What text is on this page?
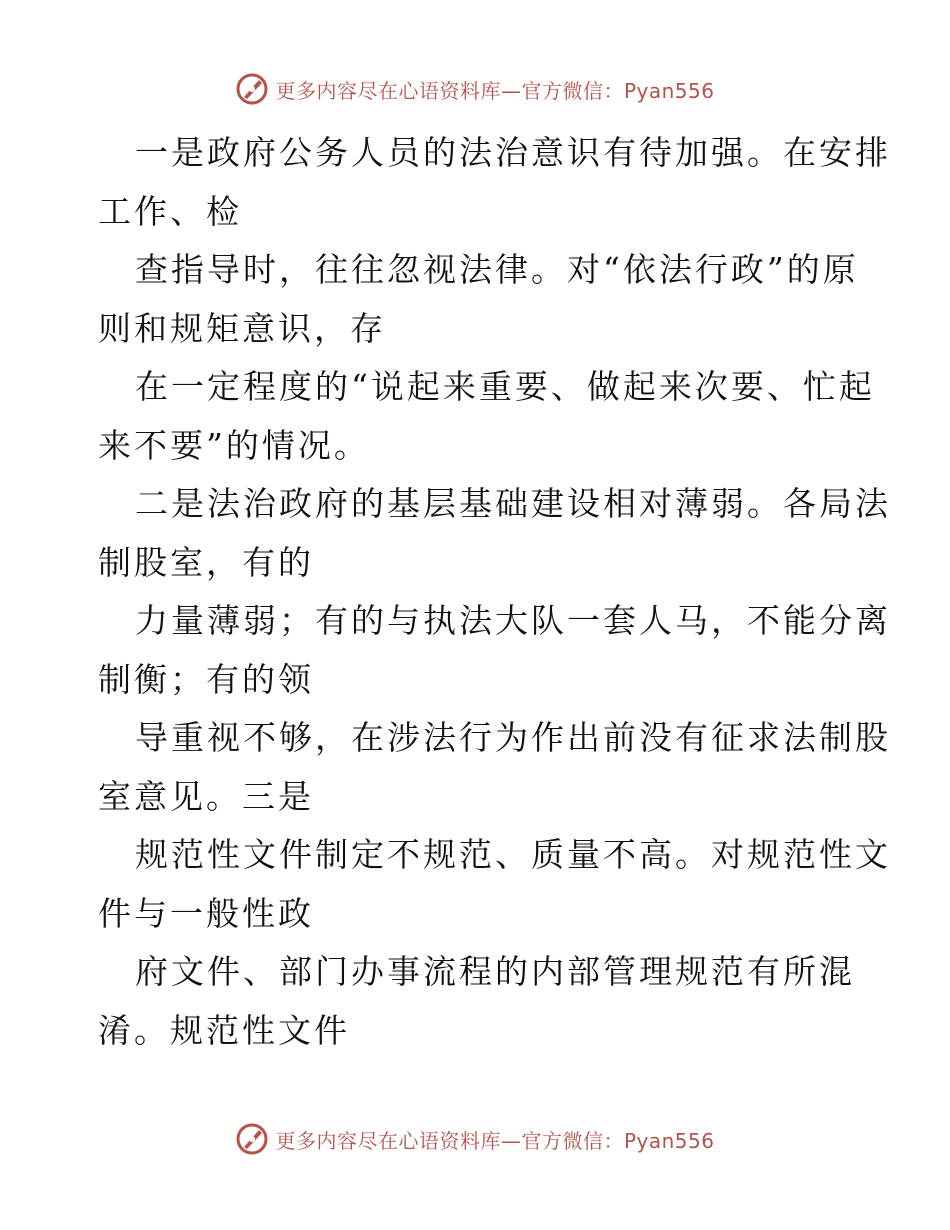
更多内容尽在心语资料库—官方微信：Pyan556

一是政府公务人员的法治意识有待加强。在安排

工作、检

查指导时，往往忽视法律。对“依法行政”的原

则和规矩意识，存

在一定程度的“说起来重要、做起来次要、忙起

来不要”的情况。

二是法治政府的基层基础建设相对薄弱。各局法

制股室，有的

力量薄弱；有的与执法大队一套人马，不能分离

制衡；有的领

导重视不够，在涉法行为作出前没有征求法制股

室意见。三是

规范性文件制定不规范、质量不高。对规范性文

件与一般性政

府文件、部门办事流程的内部管理规范有所混

淆。规范性文件

更多内容尽在心语资料库—官方微信：Pyan556
